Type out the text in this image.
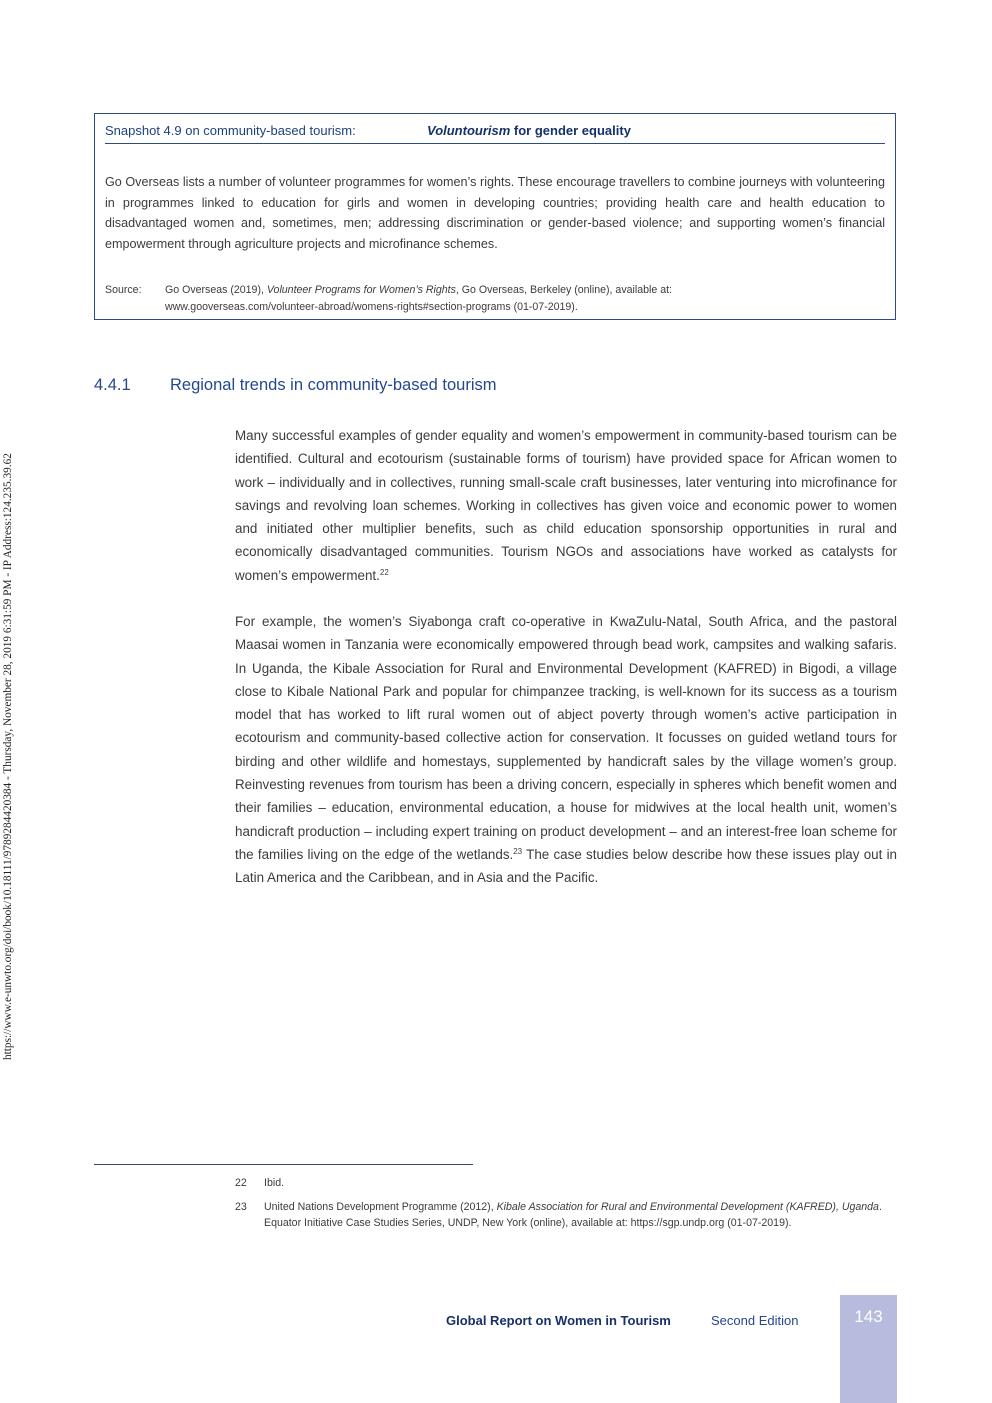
https://www.e-unwto.org/doi/book/10.18111/9789284420384 - Thursday, November 28, 2019 6:31:59 PM - IP Address:124.235.39.62
Snapshot 4.9 on community-based tourism:	Voluntourism for gender equality
Go Overseas lists a number of volunteer programmes for women’s rights. These encourage travellers to combine journeys with volunteering in programmes linked to education for girls and women in developing countries; providing health care and health education to disadvantaged women and, sometimes, men; addressing discrimination or gender-based violence; and supporting women’s financial empowerment through agriculture projects and microfinance schemes.
Source: Go Overseas (2019), Volunteer Programs for Women’s Rights, Go Overseas, Berkeley (online), available at:
www.gooverseas.com/volunteer-abroad/womens-rights#section-programs (01-07-2019).
4.4.1 Regional trends in community-based tourism
Many successful examples of gender equality and women’s empowerment in community-based tourism can be identified. Cultural and ecotourism (sustainable forms of tourism) have provided space for African women to work – individually and in collectives, running small-scale craft businesses, later venturing into microfinance for savings and revolving loan schemes. Working in collectives has given voice and economic power to women and initiated other multiplier benefits, such as child education sponsorship opportunities in rural and economically disadvantaged communities. Tourism NGOs and associations have worked as catalysts for women’s empowerment.$^{22}$
For example, the women’s Siyabonga craft co-operative in KwaZulu-Natal, South Africa, and the pastoral Maasai women in Tanzania were economically empowered through bead work, campsites and walking safaris. In Uganda, the Kibale Association for Rural and Environmental Development (KAFRED) in Bigodi, a village close to Kibale National Park and popular for chimpanzee tracking, is well-known for its success as a tourism model that has worked to lift rural women out of abject poverty through women’s active participation in ecotourism and community-based collective action for conservation. It focusses on guided wetland tours for birding and other wildlife and homestays, supplemented by handicraft sales by the village women’s group. Reinvesting revenues from tourism has been a driving concern, especially in spheres which benefit women and their families – education, environmental education, a house for midwives at the local health unit, women’s handicraft production – including expert training on product development – and an interest-free loan scheme for the families living on the edge of the wetlands.$^{23}$ The case studies below describe how these issues play out in Latin America and the Caribbean, and in Asia and the Pacific.
22 Ibid.
23 United Nations Development Programme (2012), Kibale Association for Rural and Environmental Development (KAFRED), Uganda. Equator Initiative Case Studies Series, UNDP, New York (online), available at: https://sgp.undp.org (01-07-2019).
Global Report on Women in Tourism	Second Edition	143
